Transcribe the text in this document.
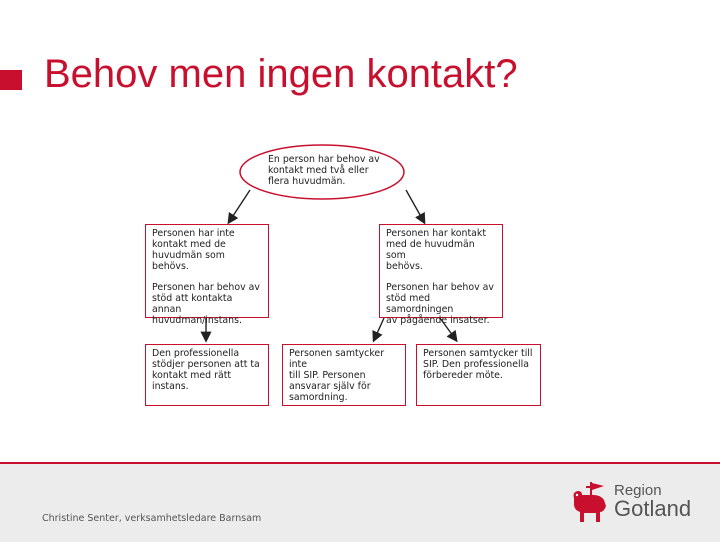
Behov men ingen kontakt?
En person har behov av
kontakt med två eller
flera huvudmän.

Personen har inte
kontakt med de
huvudmän som behövs.

Personen har behov av
stöd att kontakta annan
huvudman/instans.

Personen har kontakt
med de huvudmän som
behövs.

Personen har behov av
stöd med samordningen
av pågående insatser.

Den professionella
stödjer personen att ta
kontakt med rätt
instans.
Personen samtycker inte
till SIP. Personen
ansvarar själv för
samordning.
Personen samtycker till
SIP. Den professionella
förbereder möte.
Christine Senter, verksamhetsledare Barnsam
Region
Gotland
